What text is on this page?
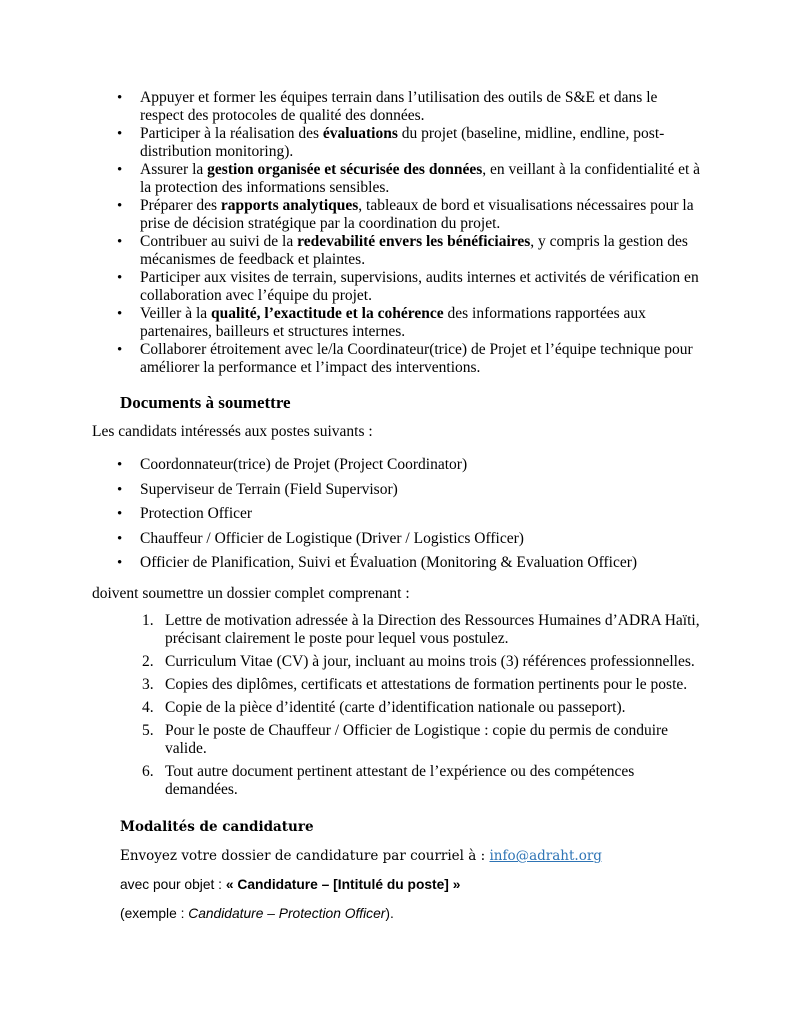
• Appuyer et former les équipes terrain dans l’utilisation des outils de S&E et dans le respect des protocoles de qualité des données.
• Participer à la réalisation des évaluations du projet (baseline, midline, endline, post-distribution monitoring).
• Assurer la gestion organisée et sécurisée des données, en veillant à la confidentialité et à la protection des informations sensibles.
• Préparer des rapports analytiques, tableaux de bord et visualisations nécessaires pour la prise de décision stratégique par la coordination du projet.
• Contribuer au suivi de la redevabilité envers les bénéficiaires, y compris la gestion des mécanismes de feedback et plaintes.
• Participer aux visites de terrain, supervisions, audits internes et activités de vérification en collaboration avec l’équipe du projet.
• Veiller à la qualité, l’exactitude et la cohérence des informations rapportées aux partenaires, bailleurs et structures internes.
• Collaborer étroitement avec le/la Coordinateur(trice) de Projet et l’équipe technique pour améliorer la performance et l’impact des interventions.
Documents à soumettre

Les candidats intéressés aux postes suivants :

• Coordonnateur(trice) de Projet (Project Coordinator)
• Superviseur de Terrain (Field Supervisor)
• Protection Officer
• Chauffeur / Officier de Logistique (Driver / Logistics Officer)
• Officier de Planification, Suivi et Évaluation (Monitoring & Evaluation Officer)

doivent soumettre un dossier complet comprenant :

Lettre de motivation adressée à la Direction des Ressources Humaines d’ADRA Haïti, précisant clairement le poste pour lequel vous postulez.
Curriculum Vitae (CV) à jour, incluant au moins trois (3) références professionnelles.
Copies des diplômes, certificats et attestations de formation pertinents pour le poste.
Copie de la pièce d’identité (carte d’identification nationale ou passeport).
Pour le poste de Chauffeur / Officier de Logistique : copie du permis de conduire valide.
Tout autre document pertinent attestant de l’expérience ou des compétences demandées.
Modalités de candidature

Envoyez votre dossier de candidature par courriel à : info@adraht.org

avec pour objet : « Candidature – [Intitulé du poste] »

(exemple : Candidature – Protection Officer).
